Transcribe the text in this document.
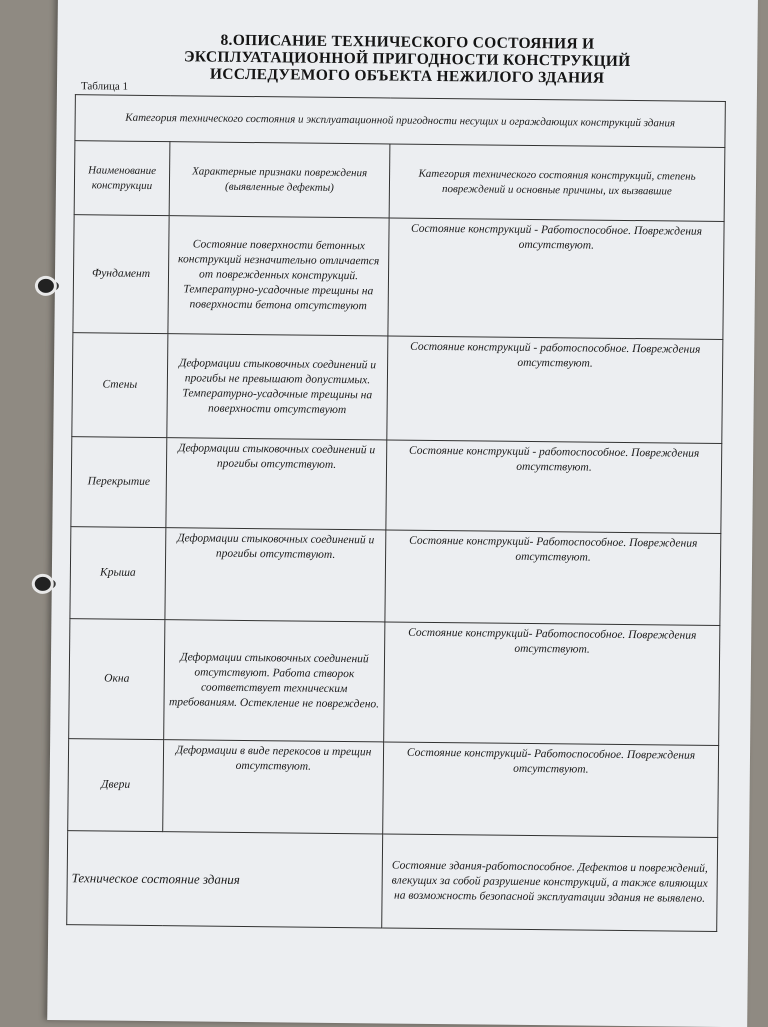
8.ОПИСАНИЕ ТЕХНИЧЕСКОГО СОСТОЯНИЯ И
ЭКСПЛУАТАЦИОННОЙ ПРИГОДНОСТИ КОНСТРУКЦИЙ
ИССЛЕДУЕМОГО ОБЪЕКТА НЕЖИЛОГО ЗДАНИЯ
Таблица 1
Категория технического состояния и эксплуатационной пригодности несущих и ограждающих конструкций здания		
Наименование конструкции	Характерные признаки повреждения (выявленные дефекты)	Категория технического состояния конструкций, степень повреждений и основные причины, их вызвавшие
Фундамент	Состояние поверхности бетонных конструкций незначительно отличается от поврежденных конструкций. Температурно-усадочные трещины на поверхности бетона отсутствуют	Состояние конструкций - Работоспособное. Повреждения отсутствуют.
Стены	Деформации стыковочных соединений и прогибы не превышают допустимых. Температурно-усадочные трещины на поверхности отсутствуют	Состояние конструкций - работоспособное. Повреждения отсутствуют.
Перекрытие	Деформации стыковочных соединений и прогибы отсутствуют.	Состояние конструкций - работоспособное. Повреждения отсутствуют.
Крыша	Деформации стыковочных соединений и прогибы отсутствуют.	Состояние конструкций- Работоспособное. Повреждения отсутствуют.
Окна	Деформации стыковочных соединений отсутствуют. Работа створок соответствует техническим требованиям. Остекление не повреждено.	Состояние конструкций- Работоспособное. Повреждения отсутствуют.
Двери	Деформации в виде перекосов и трещин отсутствуют.	Состояние конструкций- Работоспособное. Повреждения отсутствуют.
Техническое состояние здания		Состояние здания-работоспособное. Дефектов и повреждений, влекущих за собой разрушение конструкций, а также влияющих на возможность безопасной эксплуатации здания не выявлено.
